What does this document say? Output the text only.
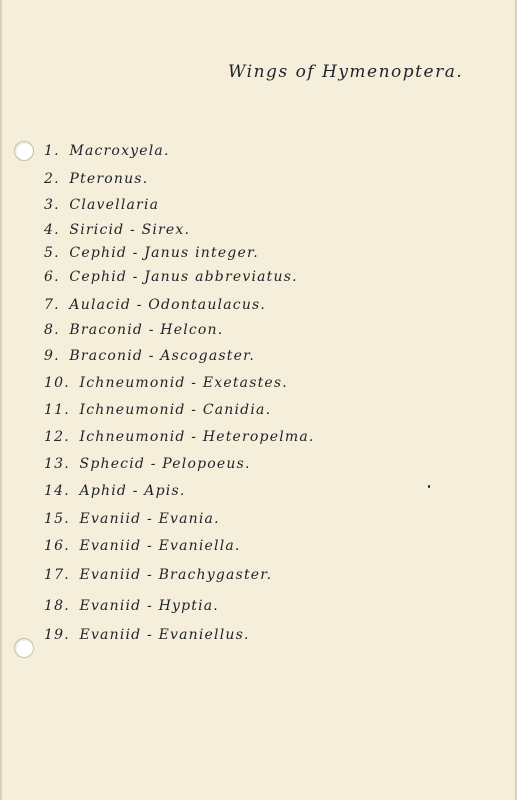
Wings of Hymenoptera.
1. Macroxyela.
2. Pteronus.
3. Clavellaria
4. Siricid - Sirex.
5. Cephid - Janus integer.
6. Cephid - Janus abbreviatus.
7. Aulacid - Odontaulacus.
8. Braconid - Helcon.
9. Braconid - Ascogaster.
10. Ichneumonid - Exetastes.
11. Ichneumonid - Canidia.
12. Ichneumonid - Heteropelma.
13. Sphecid - Pelopoeus.
14. Aphid - Apis.
15. Evaniid - Evania.
16. Evaniid - Evaniella.
17. Evaniid - Brachygaster.
18. Evaniid - Hyptia.
19. Evaniid - Evaniellus.
